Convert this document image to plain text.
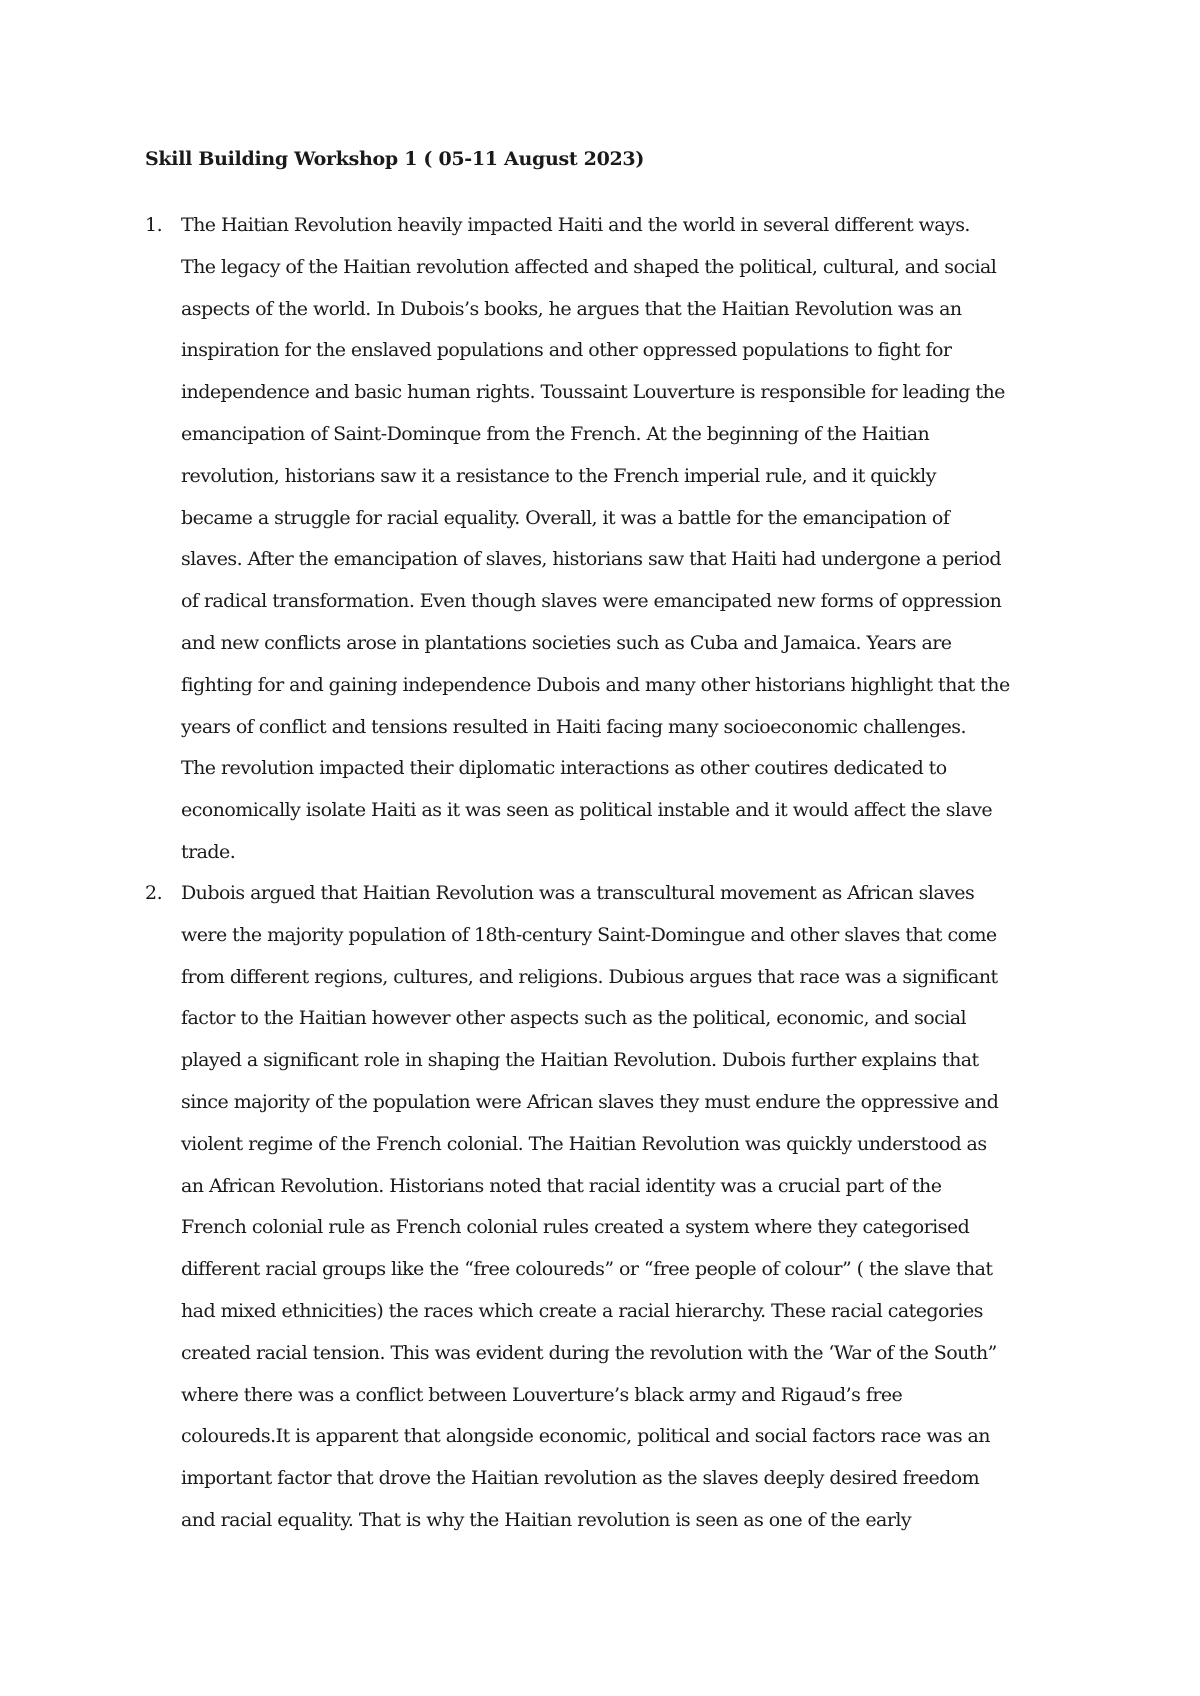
Skill Building Workshop 1 ( 05-11 August 2023)
1. The Haitian Revolution heavily impacted Haiti and the world in several different ways.
The legacy of the Haitian revolution affected and shaped the political, cultural, and social
aspects of the world. In Dubois’s books, he argues that the Haitian Revolution was an
inspiration for the enslaved populations and other oppressed populations to fight for
independence and basic human rights. Toussaint Louverture is responsible for leading the
emancipation of Saint-Dominque from the French. At the beginning of the Haitian
revolution, historians saw it a resistance to the French imperial rule, and it quickly
became a struggle for racial equality. Overall, it was a battle for the emancipation of
slaves. After the emancipation of slaves, historians saw that Haiti had undergone a period
of radical transformation. Even though slaves were emancipated new forms of oppression
and new conflicts arose in plantations societies such as Cuba and Jamaica. Years are
fighting for and gaining independence Dubois and many other historians highlight that the
years of conflict and tensions resulted in Haiti facing many socioeconomic challenges.
The revolution impacted their diplomatic interactions as other coutires dedicated to
economically isolate Haiti as it was seen as political instable and it would affect the slave
trade.
2. Dubois argued that Haitian Revolution was a transcultural movement as African slaves
were the majority population of 18th-century Saint-Domingue and other slaves that come
from different regions, cultures, and religions. Dubious argues that race was a significant
factor to the Haitian however other aspects such as the political, economic, and social
played a significant role in shaping the Haitian Revolution. Dubois further explains that
since majority of the population were African slaves they must endure the oppressive and
violent regime of the French colonial. The Haitian Revolution was quickly understood as
an African Revolution. Historians noted that racial identity was a crucial part of the
French colonial rule as French colonial rules created a system where they categorised
different racial groups like the “free coloureds” or “free people of colour” ( the slave that
had mixed ethnicities) the races which create a racial hierarchy. These racial categories
created racial tension. This was evident during the revolution with the ‘War of the South”
where there was a conflict between Louverture’s black army and Rigaud’s free
coloureds.It is apparent that alongside economic, political and social factors race was an
important factor that drove the Haitian revolution as the slaves deeply desired freedom
and racial equality. That is why the Haitian revolution is seen as one of the early
